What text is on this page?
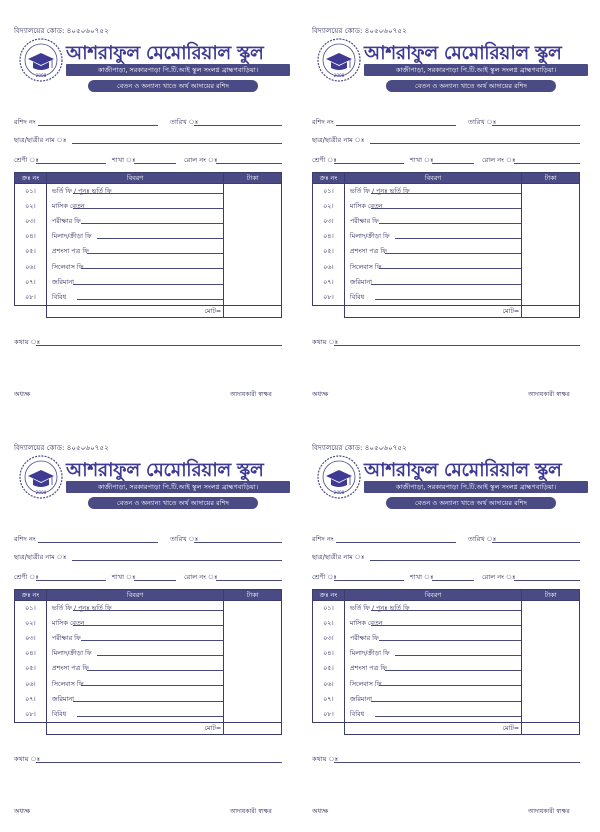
বিদ্যালয়ের কোড: ৪০৫০৬০৭৫২
2008
আশরাফুল মেমোরিয়াল স্কুল
কাজীপাড়া, সরকারপাড়া পি.টি.আই স্কুল সংলগ্ন ব্রাহ্মণবাড়িয়া।
বেতন ও অন্যান্য খাতে অর্থ আদায়ের রশিদ
রশিদ নং	তারিখ ঃ
ছাত্র/ছাত্রীর নাম ঃ
শ্রেণী ঃ	শাখা ঃ	রোল নং ঃ
ক্রঃ নং	বিবরণ	টাকা
০১।	ভর্তি ফি / পুনঃ ভর্তি ফি

০২।	মাসিক বেতন

০৩।	পরীক্ষার ফি

০৪।	মিলাদ/ক্রীড়া ফি

০৫।	প্রশংসা পত্র ফি

০৬।	সিলেবাস ফি

০৭।	জরিমানা

০৮।	বিবিধ

	মোট=	
কথায় ঃ
অধ্যক্ষ	আদায়কারী স্বাক্ষর
বিদ্যালয়ের কোড: ৪০৫০৬০৭৫২
2008
আশরাফুল মেমোরিয়াল স্কুল
কাজীপাড়া, সরকারপাড়া পি.টি.আই স্কুল সংলগ্ন ব্রাহ্মণবাড়িয়া।
বেতন ও অন্যান্য খাতে অর্থ আদায়ের রশিদ
রশিদ নং	তারিখ ঃ
ছাত্র/ছাত্রীর নাম ঃ
শ্রেণী ঃ	শাখা ঃ	রোল নং ঃ
ক্রঃ নং	বিবরণ	টাকা
০১।	ভর্তি ফি / পুনঃ ভর্তি ফি

০২।	মাসিক বেতন

০৩।	পরীক্ষার ফি

০৪।	মিলাদ/ক্রীড়া ফি

০৫।	প্রশংসা পত্র ফি

০৬।	সিলেবাস ফি

০৭।	জরিমানা

০৮।	বিবিধ

	মোট=	
কথায় ঃ
অধ্যক্ষ	আদায়কারী স্বাক্ষর
বিদ্যালয়ের কোড: ৪০৫০৬০৭৫২
2008
আশরাফুল মেমোরিয়াল স্কুল
কাজীপাড়া, সরকারপাড়া পি.টি.আই স্কুল সংলগ্ন ব্রাহ্মণবাড়িয়া।
বেতন ও অন্যান্য খাতে অর্থ আদায়ের রশিদ
রশিদ নং	তারিখ ঃ
ছাত্র/ছাত্রীর নাম ঃ
শ্রেণী ঃ	শাখা ঃ	রোল নং ঃ
ক্রঃ নং	বিবরণ	টাকা
০১।	ভর্তি ফি / পুনঃ ভর্তি ফি

০২।	মাসিক বেতন

০৩।	পরীক্ষার ফি

০৪।	মিলাদ/ক্রীড়া ফি

০৫।	প্রশংসা পত্র ফি

০৬।	সিলেবাস ফি

০৭।	জরিমানা

০৮।	বিবিধ

	মোট=	
কথায় ঃ
অধ্যক্ষ	আদায়কারী স্বাক্ষর
বিদ্যালয়ের কোড: ৪০৫০৬০৭৫২
2008
আশরাফুল মেমোরিয়াল স্কুল
কাজীপাড়া, সরকারপাড়া পি.টি.আই স্কুল সংলগ্ন ব্রাহ্মণবাড়িয়া।
বেতন ও অন্যান্য খাতে অর্থ আদায়ের রশিদ
রশিদ নং	তারিখ ঃ
ছাত্র/ছাত্রীর নাম ঃ
শ্রেণী ঃ	শাখা ঃ	রোল নং ঃ
ক্রঃ নং	বিবরণ	টাকা
০১।	ভর্তি ফি / পুনঃ ভর্তি ফি

০২।	মাসিক বেতন

০৩।	পরীক্ষার ফি

০৪।	মিলাদ/ক্রীড়া ফি

০৫।	প্রশংসা পত্র ফি

০৬।	সিলেবাস ফি

০৭।	জরিমানা

০৮।	বিবিধ

	মোট=	
কথায় ঃ
অধ্যক্ষ	আদায়কারী স্বাক্ষর
